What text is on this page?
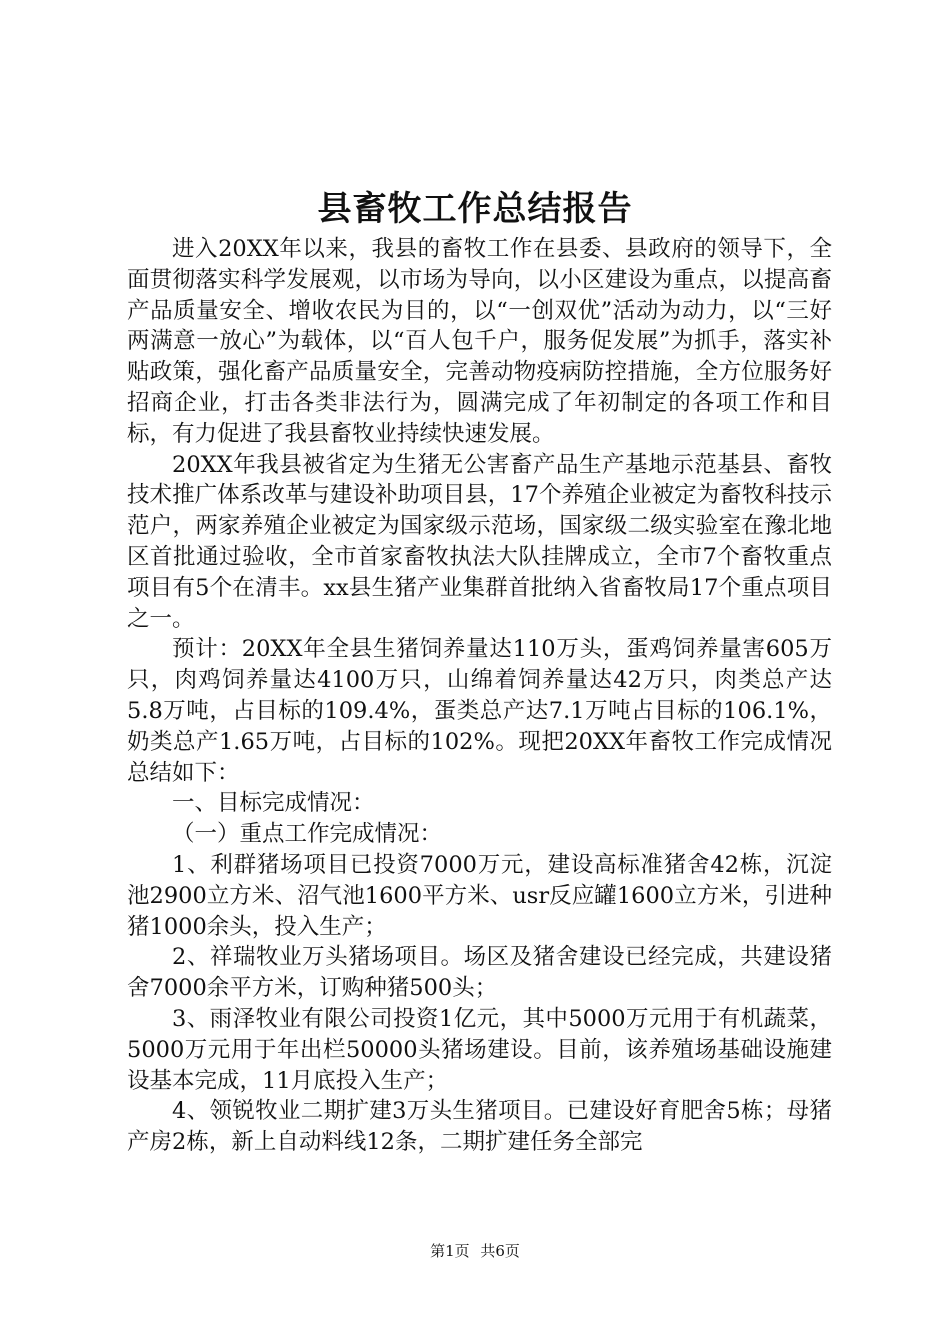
县畜牧工作总结报告

进入20XX年以来，我县的畜牧工作在县委、县政府的领导下，全面贯彻落实科学发展观，以市场为导向，以小区建设为重点，以提高畜产品质量安全、增收农民为目的，以“一创双优”活动为动力，以“三好两满意一放心”为载体，以“百人包千户，服务促发展”为抓手，落实补贴政策，强化畜产品质量安全，完善动物疫病防控措施，全方位服务好招商企业，打击各类非法行为，圆满完成了年初制定的各项工作和目标，有力促进了我县畜牧业持续快速发展。

20XX年我县被省定为生猪无公害畜产品生产基地示范基县、畜牧技术推广体系改革与建设补助项目县，17个养殖企业被定为畜牧科技示范户，两家养殖企业被定为国家级示范场，国家级二级实验室在豫北地区首批通过验收，全市首家畜牧执法大队挂牌成立，全市7个畜牧重点项目有5个在清丰。xx县生猪产业集群首批纳入省畜牧局17个重点项目之一。

预计：20XX年全县生猪饲养量达110万头，蛋鸡饲养量害605万只，肉鸡饲养量达4100万只，山绵着饲养量达42万只，肉类总产达5.8万吨，占目标的109.4%，蛋类总产达7.1万吨占目标的106.1%，奶类总产1.65万吨，占目标的102%。现把20XX年畜牧工作完成情况总结如下：

一、目标完成情况：

（一）重点工作完成情况：

1、利群猪场项目已投资7000万元，建设高标准猪舍42栋，沉淀池2900立方米、沼气池1600平方米、usr反应罐1600立方米，引进种猪1000余头，投入生产；

2、祥瑞牧业万头猪场项目。场区及猪舍建设已经完成，共建设猪舍7000余平方米，订购种猪500头；

3、雨泽牧业有限公司投资1亿元，其中5000万元用于有机蔬菜，5000万元用于年出栏50000头猪场建设。目前，该养殖场基础设施建设基本完成，11月底投入生产；

4、领锐牧业二期扩建3万头生猪项目。已建设好育肥舍5栋；母猪产房2栋，新上自动料线12条，二期扩建任务全部完

第1页 共6页
